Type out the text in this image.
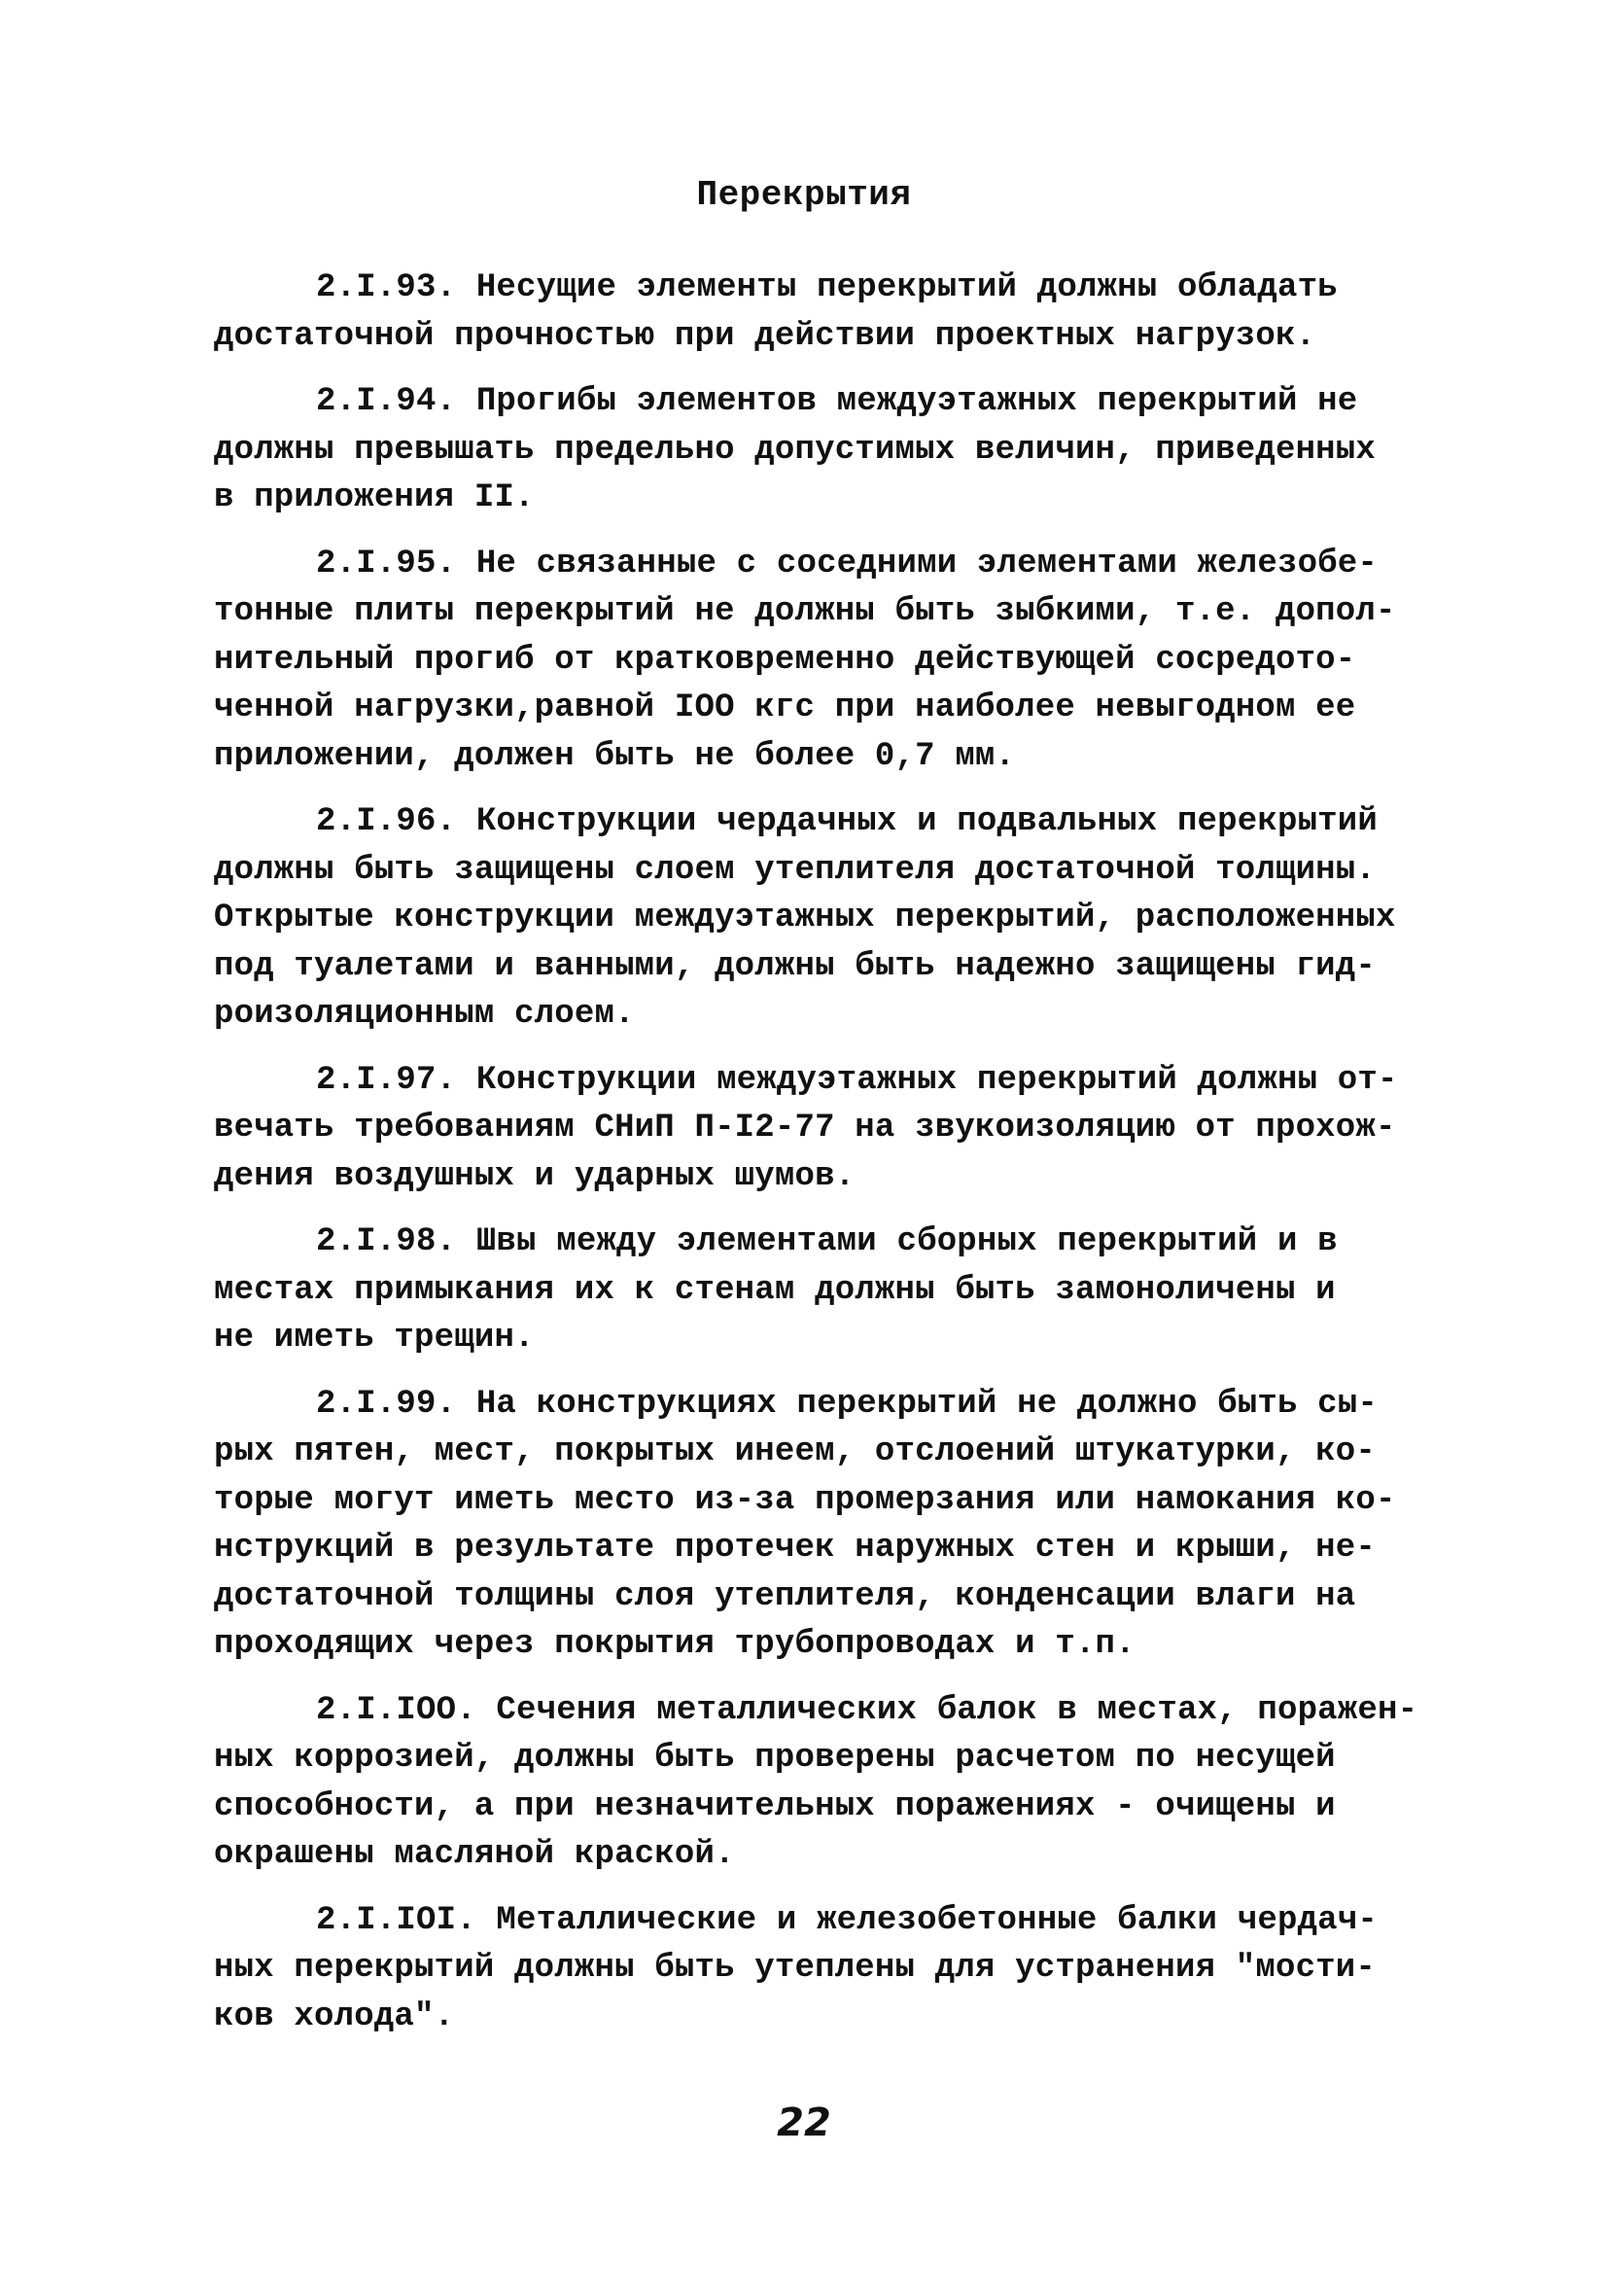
Перекрытия
2.I.93. Несущие элементы перекрытий должны обладать
достаточной прочностью при действии проектных нагрузок.
2.I.94. Прогибы элементов междуэтажных перекрытий не
должны превышать предельно допустимых величин, приведенных
в приложения II.
2.I.95. Не связанные с соседними элементами железобе-
тонные плиты перекрытий не должны быть зыбкими, т.е. допол-
нительный прогиб от кратковременно действующей сосредото-
ченной нагрузки,равной IOO кгс при наиболее невыгодном ее
приложении, должен быть не более 0,7 мм.
2.I.96. Конструкции чердачных и подвальных перекрытий
должны быть защищены слоем утеплителя достаточной толщины.
Открытые конструкции междуэтажных перекрытий, расположенных
под туалетами и ванными, должны быть надежно защищены гид-
роизоляционным слоем.
2.I.97. Конструкции междуэтажных перекрытий должны от-
вечать требованиям СНиП П-I2-77 на звукоизоляцию от прохож-
дения воздушных и ударных шумов.
2.I.98. Швы между элементами сборных перекрытий и в
местах примыкания их к стенам должны быть замоноличены и
не иметь трещин.
2.I.99. На конструкциях перекрытий не должно быть сы-
рых пятен, мест, покрытых инеем, отслоений штукатурки, ко-
торые могут иметь место из-за промерзания или намокания ко-
нструкций в результате протечек наружных стен и крыши, не-
достаточной толщины слоя утеплителя, конденсации влаги на
проходящих через покрытия трубопроводах и т.п.
2.I.IOO. Сечения металлических балок в местах, поражен-
ных коррозией, должны быть проверены расчетом по несущей
способности, а при незначительных поражениях - очищены и
окрашены масляной краской.
2.I.IOI. Металлические и железобетонные балки чердач-
ных перекрытий должны быть утеплены для устранения "мости-
ков холода".
22
